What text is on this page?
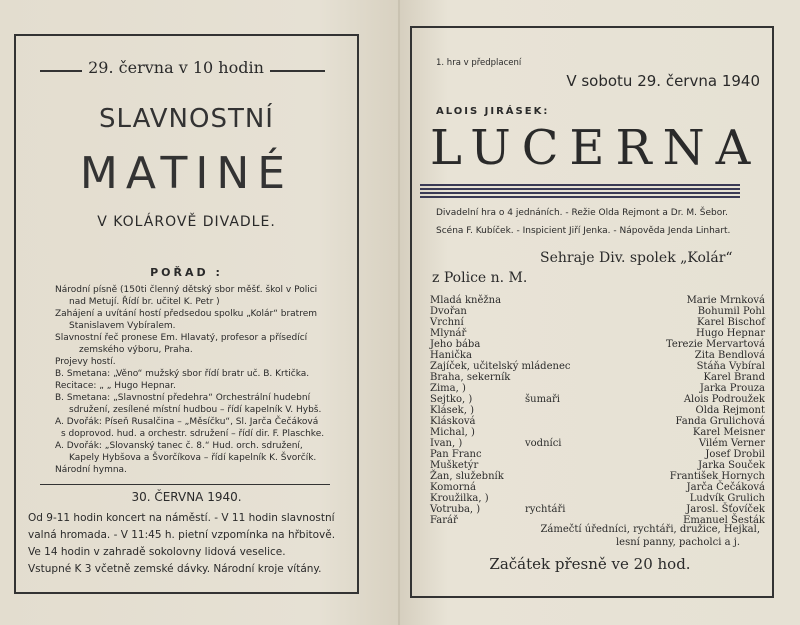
29. června v 10 hodin
SLAVNOSTNÍ
MATINÉ
V KOLÁROVĚ DIVADLE.
POŘAD :
Národní písně (150ti členný dětský sbor měšť. škol v Polici
nad Metují. Řídí br. učitel K. Petr )
Zahájení a uvítání hostí předsedou spolku „Kolár“ bratrem
Stanislavem Vybíralem.
Slavnostní řeč pronese Em. Hlavatý, profesor a přísedící
zemského výboru, Praha.
Projevy hostí.
B. Smetana: „Věno“ mužský sbor řídí bratr uč. B. Krtička.
Recitace: „ „ Hugo Hepnar.
B. Smetana: „Slavnostní předehra“ Orchestrální hudební
sdružení, zesílené místní hudbou – řídí kapelník V. Hybš.
A. Dvořák: Píseň Rusalčina – „Měsíčku“, Sl. Jarča Čečáková
s doprovod. hud. a orchestr. sdružení – řídí dir. F. Plaschke.
A. Dvořák: „Slovanský tanec č. 8.“ Hud. orch. sdružení,
Kapely Hybšova a Švorčíkova – řídí kapelník K. Švorčík.
Národní hymna.
30. ČERVNA 1940.
Od 9-11 hodin koncert na náměstí. - V 11 hodin slavnostní
valná hromada. - V 11:45 h. pietní vzpomínka na hřbitově.
Ve 14 hodin v zahradě sokolovny lidová veselice.
Vstupné K 3 včetně zemské dávky. Národní kroje vítány.
1. hra v předplacení
V sobotu 29. června 1940
ALOIS JIRÁSEK:
LUCERNA
Divadelní hra o 4 jednáních. - Režie Olda Rejmont a Dr. M. Šebor.
Scéna F. Kubíček. - Inspicient Jiří Jenka. - Nápověda Jenda Linhart.
Sehraje Div. spolek „Kolár“
z Police n. M.
Mladá kněžna	Marie Mrnková
Dvořan	Bohumil Pohl
Vrchní	Karel Bischof
Mlynář	Hugo Hepnar
Jeho bába	Terezie Mervartová
Hanička	Zita Bendlová
Zajíček, učitelský mládenec	Stáňa Vybíral
Braha, sekerník	Karel Brand
Zima, )	Jarka Prouza
Sejtko, )	šumaři	Alois Podroužek
Klásek, )	Olda Rejmont
Klásková	Fanda Grulichová
Michal, )	Karel Meisner
Ivan, )	vodníci	Vilém Verner
Pan Franc	Josef Drobil
Mušketýr	Jarka Souček
Žan, služebník	František Hornych
Komorná	Jarča Čečáková
Kroužilka, )	Ludvík Grulich
Votruba, )	rychtáři	Jarosl. Šťovíček
Farář	Emanuel Šesták
Zámečtí úředníci, rychtáři, družice, Hejkal,
lesní panny, pacholci a j.
Začátek přesně ve 20 hod.
